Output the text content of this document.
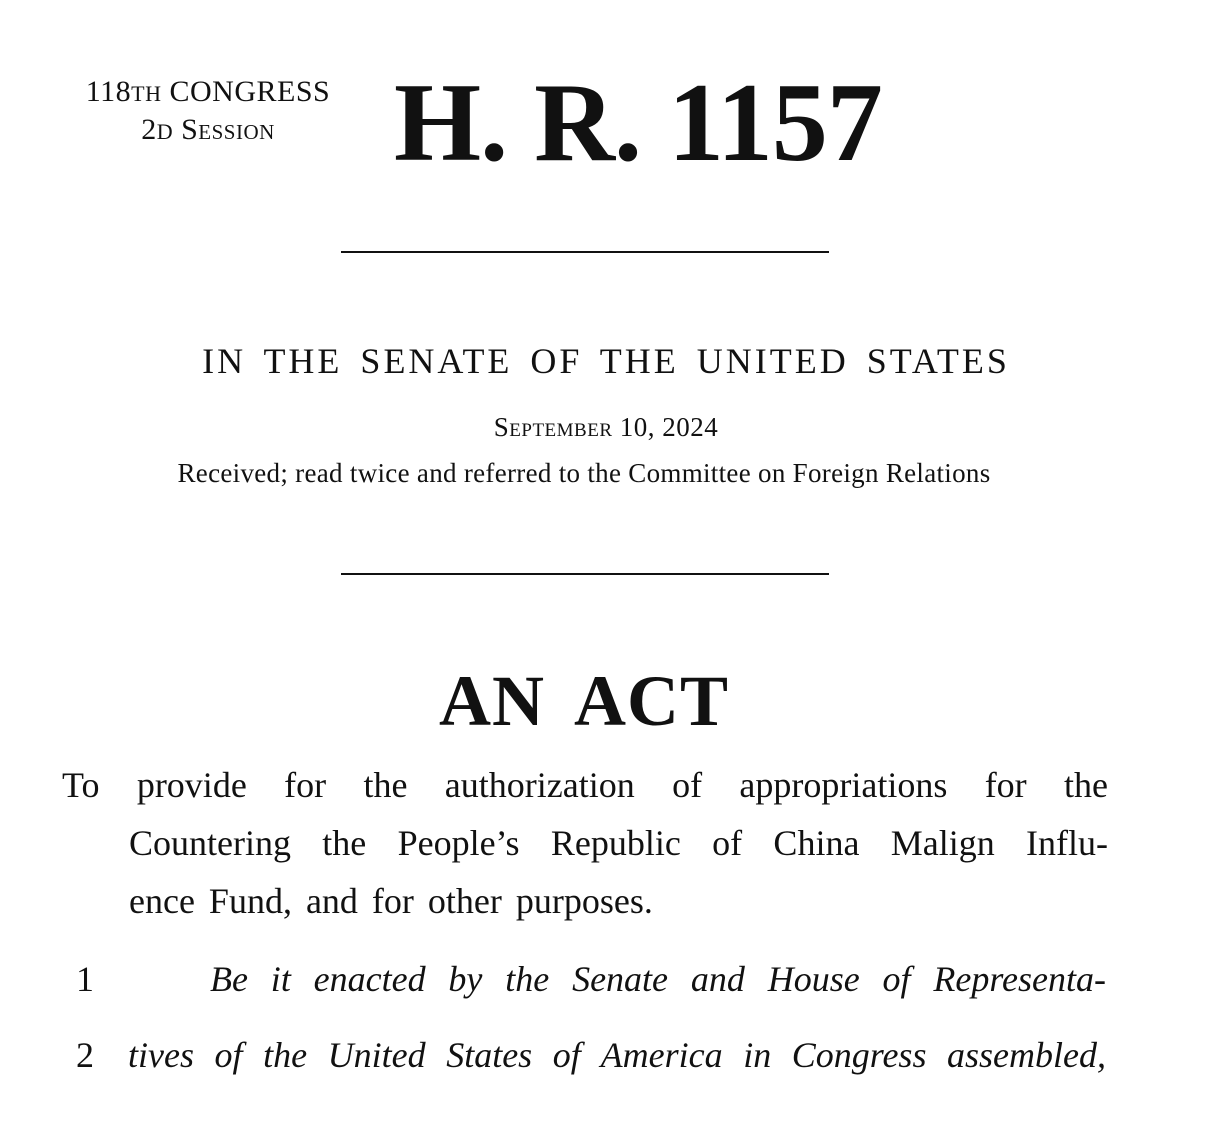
118TH CONGRESS
2D Session	H. R. 1157
IN THE SENATE OF THE UNITED STATES
September 10, 2024
Received; read twice and referred to the Committee on Foreign Relations
AN ACT
To provide for the authorization of appropriations for the
Countering the People’s Republic of China Malign Influ-
ence Fund, and for other purposes.
1	Be it enacted by the Senate and House of Representa-
2 tives of the United States of America in Congress assembled,
